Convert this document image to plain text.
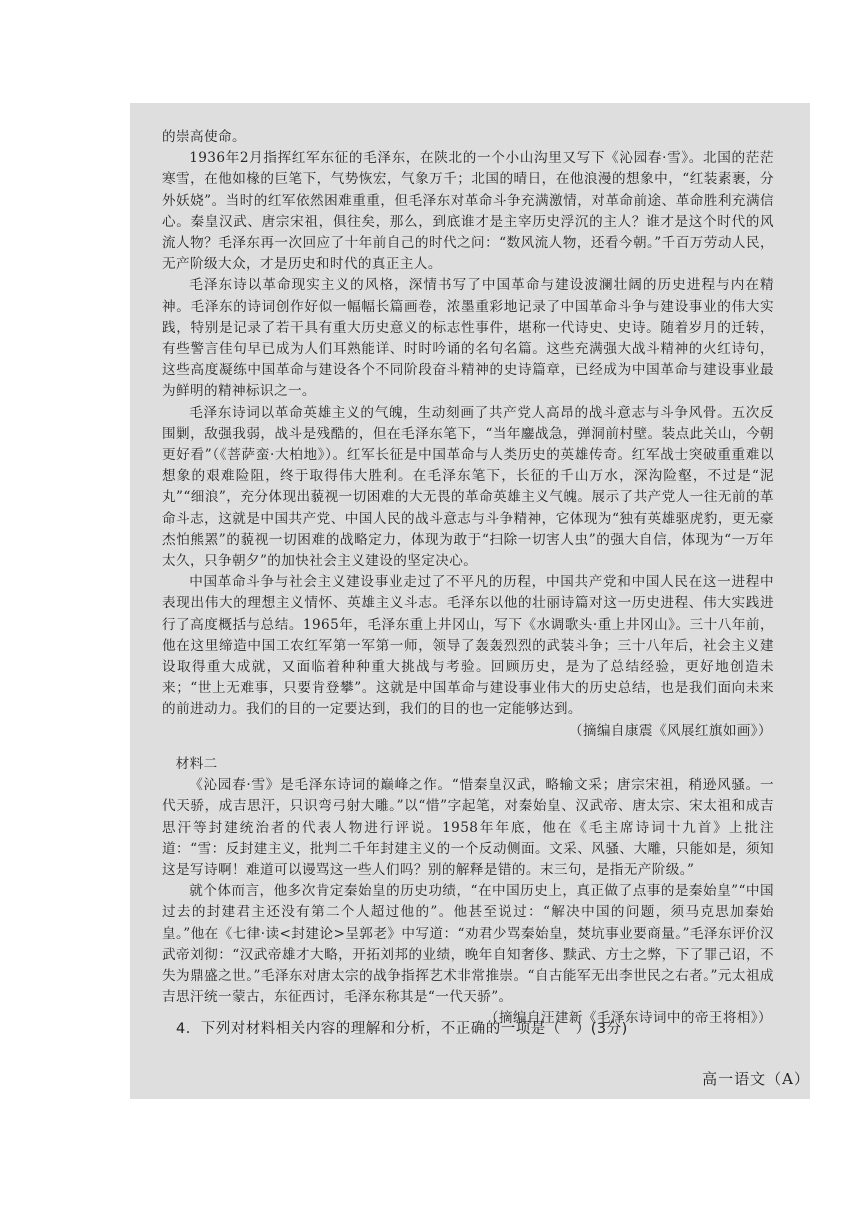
的崇高使命。

1936年2月指挥红军东征的毛泽东，在陕北的一个小山沟里又写下《沁园春·雪》。北国的茫茫寒雪，在他如椽的巨笔下，气势恢宏，气象万千；北国的晴日，在他浪漫的想象中，“红装素裹，分外妖娆”。当时的红军依然困难重重，但毛泽东对革命斗争充满激情，对革命前途、革命胜利充满信心。秦皇汉武、唐宗宋祖，俱往矣，那么，到底谁才是主宰历史浮沉的主人？谁才是这个时代的风流人物？毛泽东再一次回应了十年前自己的时代之问：“数风流人物，还看今朝。”千百万劳动人民，无产阶级大众，才是历史和时代的真正主人。

毛泽东诗以革命现实主义的风格，深情书写了中国革命与建设波澜壮阔的历史进程与内在精神。毛泽东的诗词创作好似一幅幅长篇画卷，浓墨重彩地记录了中国革命斗争与建设事业的伟大实践，特别是记录了若干具有重大历史意义的标志性事件，堪称一代诗史、史诗。随着岁月的迁转，有些警言佳句早已成为人们耳熟能详、时时吟诵的名句名篇。这些充满强大战斗精神的火红诗句，这些高度凝练中国革命与建设各个不同阶段奋斗精神的史诗篇章，已经成为中国革命与建设事业最为鲜明的精神标识之一。

毛泽东诗词以革命英雄主义的气魄，生动刻画了共产党人高昂的战斗意志与斗争风骨。五次反围剿，敌强我弱，战斗是残酷的，但在毛泽东笔下，“当年鏖战急，弹洞前村壁。装点此关山，今朝更好看”（《菩萨蛮·大柏地》）。红军长征是中国革命与人类历史的英雄传奇。红军战士突破重重难以想象的艰难险阻，终于取得伟大胜利。在毛泽东笔下，长征的千山万水，深沟险壑，不过是“泥丸”“细浪”，充分体现出藐视一切困难的大无畏的革命英雄主义气魄。展示了共产党人一往无前的革命斗志，这就是中国共产党、中国人民的战斗意志与斗争精神，它体现为“独有英雄驱虎豹，更无豪杰怕熊罴”的藐视一切困难的战略定力，体现为敢于“扫除一切害人虫”的强大自信，体现为“一万年太久，只争朝夕”的加快社会主义建设的坚定决心。

中国革命斗争与社会主义建设事业走过了不平凡的历程，中国共产党和中国人民在这一进程中表现出伟大的理想主义情怀、英雄主义斗志。毛泽东以他的壮丽诗篇对这一历史进程、伟大实践进行了高度概括与总结。1965年，毛泽东重上井冈山，写下《水调歌头·重上井冈山》。三十八年前，他在这里缔造中国工农红军第一军第一师，领导了轰轰烈烈的武装斗争；三十八年后，社会主义建设取得重大成就，又面临着种种重大挑战与考验。回顾历史，是为了总结经验，更好地创造未来；“世上无难事，只要肯登攀”。这就是中国革命与建设事业伟大的历史总结，也是我们面向未来的前进动力。我们的目的一定要达到，我们的目的也一定能够达到。

（摘编自康震《风展红旗如画》）

材料二

《沁园春·雪》是毛泽东诗词的巅峰之作。“惜秦皇汉武，略输文采；唐宗宋祖，稍逊风骚。一代天骄，成吉思汗，只识弯弓射大雕。”以“惜”字起笔，对秦始皇、汉武帝、唐太宗、宋太祖和成吉思汗等封建统治者的代表人物进行评说。1958年年底，他在《毛主席诗词十九首》上批注道：“雪：反封建主义，批判二千年封建主义的一个反动侧面。文采、风骚、大雕，只能如是，须知这是写诗啊！难道可以谩骂这一些人们吗？别的解释是错的。末三句，是指无产阶级。”

就个体而言，他多次肯定秦始皇的历史功绩，“在中国历史上，真正做了点事的是秦始皇”“中国过去的封建君主还没有第二个人超过他的”。他甚至说过：“解决中国的问题，须马克思加秦始皇。”他在《七律·读<封建论>呈郭老》中写道：“劝君少骂秦始皇，焚坑事业要商量。”毛泽东评价汉武帝刘彻：“汉武帝雄才大略，开拓刘邦的业绩，晚年自知奢侈、黩武、方士之弊，下了罪己诏，不失为鼎盛之世。”毛泽东对唐太宗的战争指挥艺术非常推崇。“自古能军无出李世民之右者。”元太祖成吉思汗统一蒙古，东征西讨，毛泽东称其是“一代天骄”。

（摘编自汪建新《毛泽东诗词中的帝王将相》）

4．下列对材料相关内容的理解和分析，不正确的一项是（　）(3分)
高一语文（A）
